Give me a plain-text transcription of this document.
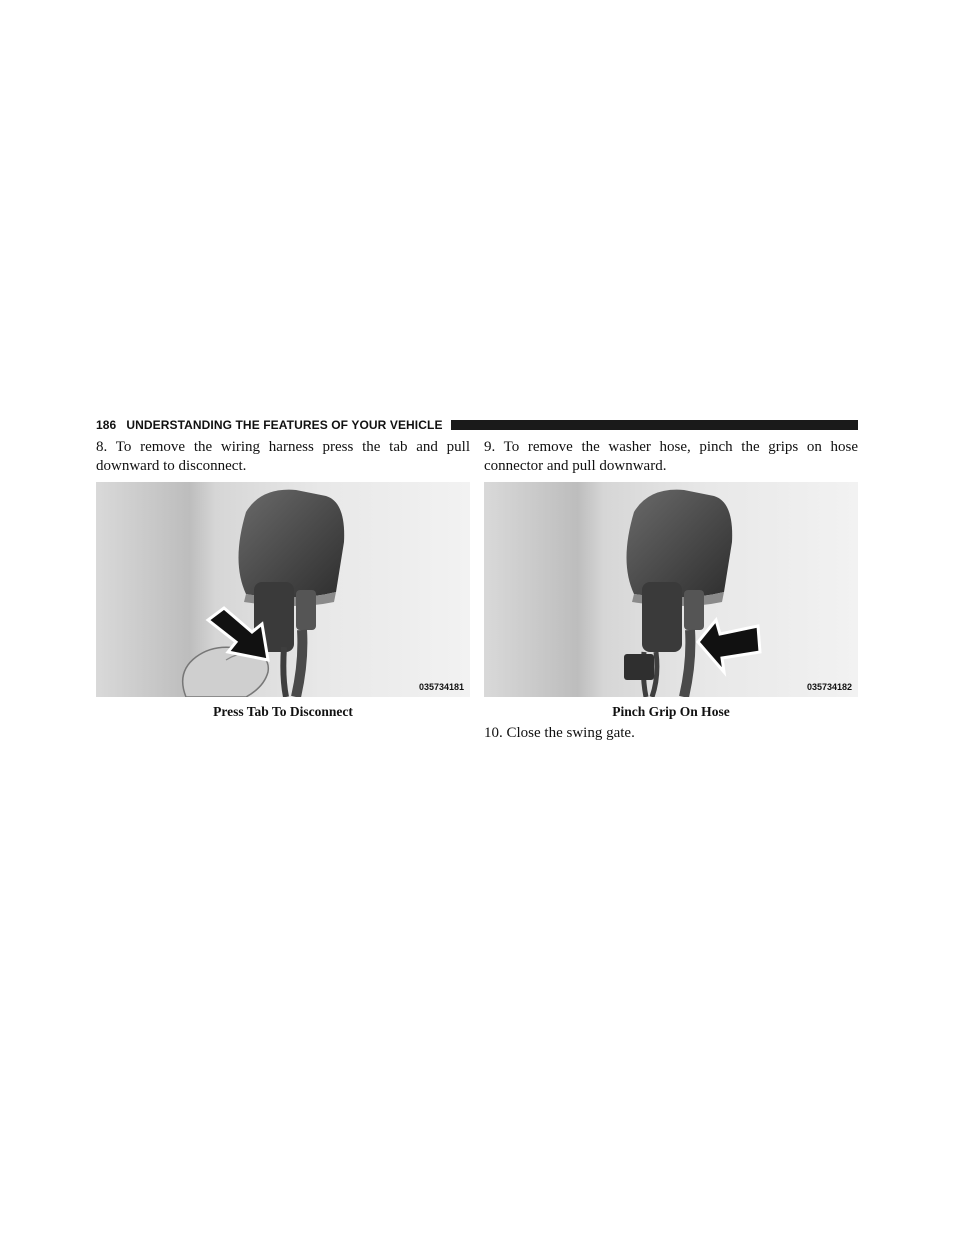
186 UNDERSTANDING THE FEATURES OF YOUR VEHICLE

8. To remove the wiring harness press the tab and pull downward to disconnect.

035734181
Press Tab To Disconnect

9. To remove the washer hose, pinch the grips on hose connector and pull downward.

035734182
Pinch Grip On Hose

10. Close the swing gate.
